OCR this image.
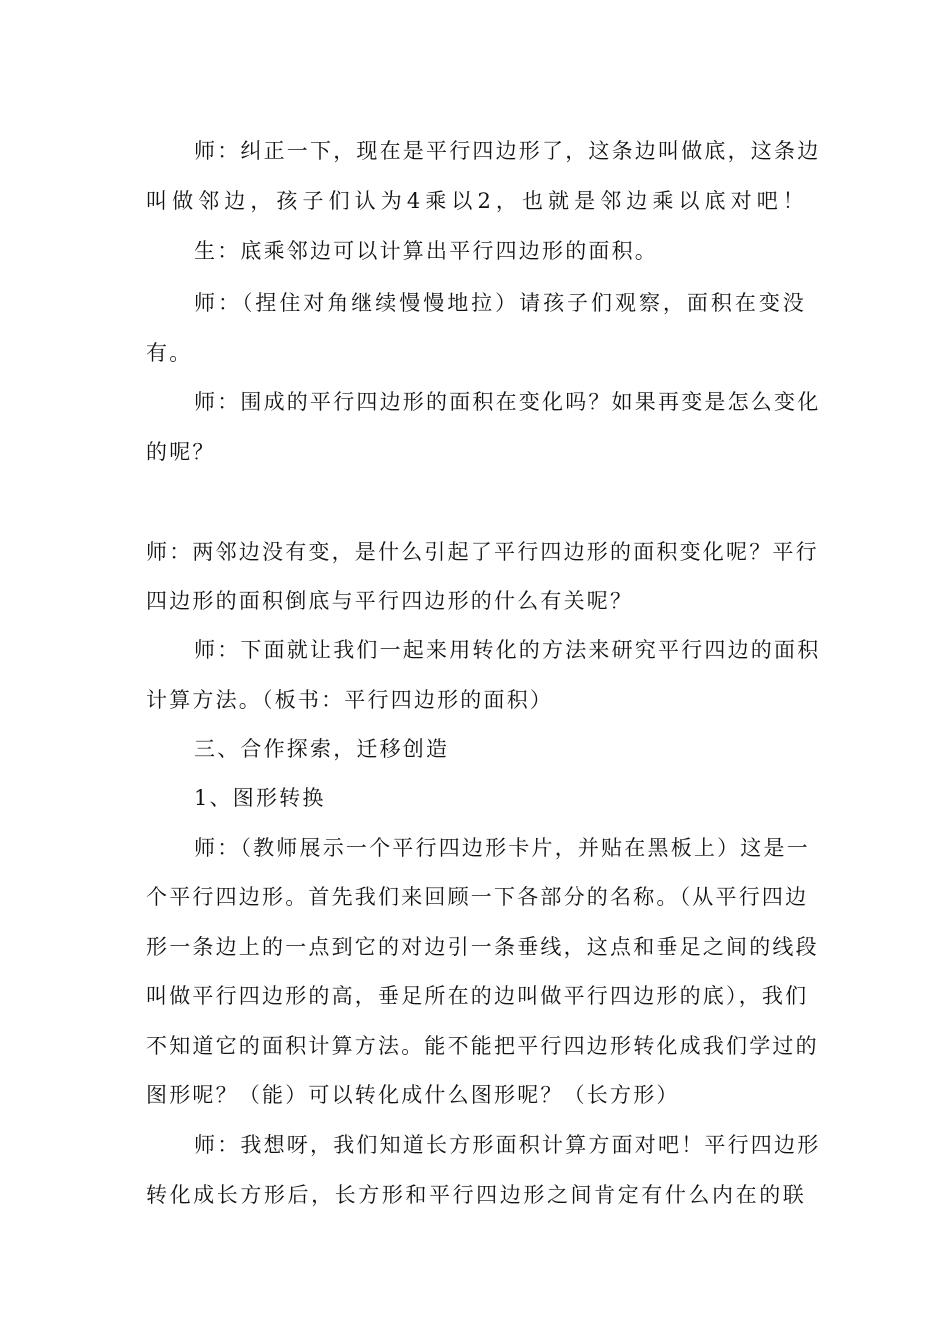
师：纠正一下，现在是平行四边形了，这条边叫做底，这条边
叫做邻边，孩子们认为4乘以2，也就是邻边乘以底对吧！
生：底乘邻边可以计算出平行四边形的面积。
师：（捏住对角继续慢慢地拉）请孩子们观察，面积在变没
有。
师：围成的平行四边形的面积在变化吗？如果再变是怎么变化
的呢？
师：两邻边没有变，是什么引起了平行四边形的面积变化呢？平行
四边形的面积倒底与平行四边形的什么有关呢？
师：下面就让我们一起来用转化的方法来研究平行四边的面积
计算方法。（板书：平行四边形的面积）
三、合作探索，迁移创造
1、图形转换
师：（教师展示一个平行四边形卡片，并贴在黑板上）这是一
个平行四边形。首先我们来回顾一下各部分的名称。（从平行四边
形一条边上的一点到它的对边引一条垂线，这点和垂足之间的线段
叫做平行四边形的高，垂足所在的边叫做平行四边形的底），我们
不知道它的面积计算方法。能不能把平行四边形转化成我们学过的
图形呢？（能）可以转化成什么图形呢？（长方形）
师：我想呀，我们知道长方形面积计算方面对吧！平行四边形
转化成长方形后，长方形和平行四边形之间肯定有什么内在的联
